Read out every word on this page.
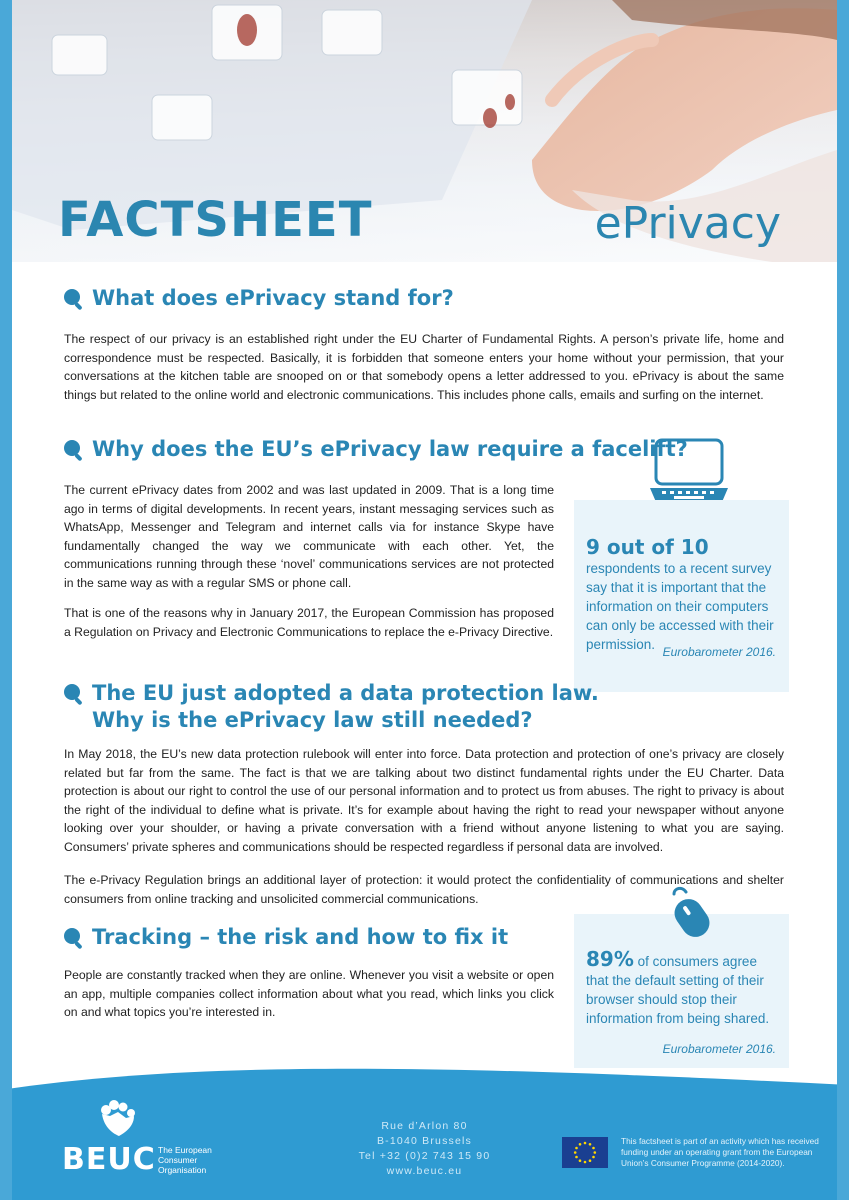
FACTSHEET	ePrivacy
What does ePrivacy stand for?
The respect of our privacy is an established right under the EU Charter of Fundamental Rights. A person’s private life, home and correspondence must be respected. Basically, it is forbidden that someone enters your home without your permission, that your conversations at the kitchen table are snooped on or that somebody opens a letter addressed to you. ePrivacy is about the same things but related to the online world and electronic communications. This includes phone calls, emails and surfing on the internet.
Why does the EU’s ePrivacy law require a facelift?
The current ePrivacy dates from 2002 and was last updated in 2009. That is a long time ago in terms of digital developments. In recent years, instant messaging services such as WhatsApp, Messenger and Telegram and internet calls via for instance Skype have fundamentally changed the way we communicate with each other. Yet, the communications running through these ‘novel’ communications services are not protected in the same way as with a regular SMS or phone call.
That is one of the reasons why in January 2017, the European Commission has proposed a Regulation on Privacy and Electronic Communications to replace the e-Privacy Directive.
9 out of 10 respondents to a recent survey say that it is important that the information on their computers can only be accessed with their permission. Eurobarometer 2016.
The EU just adopted a data protection law.
Why is the ePrivacy law still needed?
In May 2018, the EU’s new data protection rulebook will enter into force. Data protection and protection of one’s privacy are closely related but far from the same. The fact is that we are talking about two distinct fundamental rights under the EU Charter. Data protection is about our right to control the use of our personal information and to protect us from abuses. The right to privacy is about the right of the individual to define what is private. It’s for example about having the right to read your newspaper without anyone looking over your shoulder, or having a private conversation with a friend without anyone listening to what you are saying. Consumers’ private spheres and communications should be respected regardless if personal data are involved.
The e-Privacy Regulation brings an additional layer of protection: it would protect the confidentiality of communications and shelter consumers from online tracking and unsolicited commercial communications.
Tracking – the risk and how to fix it
People are constantly tracked when they are online. Whenever you visit a website or open an app, multiple companies collect information about what you read, which links you click on and what topics you’re interested in.
89% of consumers agree that the default setting of their browser should stop their information from being shared.
Eurobarometer 2016.
BEUC The European Consumer Organisation
Rue d’Arlon 80
B-1040 Brussels
Tel +32 (0)2 743 15 90
www.beuc.eu
This factsheet is part of an activity which has received funding under an operating grant from the European Union’s Consumer Programme (2014-2020).
